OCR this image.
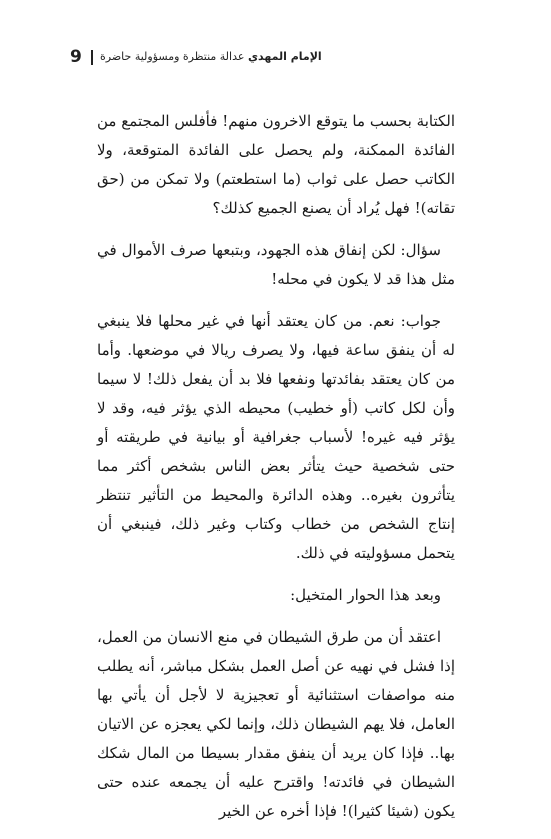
9	الإمام المهدي عدالة منتظرة ومسؤولية حاضرة

الكتابة بحسب ما يتوقع الاخرون منهم! فأفلس المجتمع من الفائدة الممكنة، ولم يحصل على الفائدة المتوقعة، ولا الكاتب حصل على ثواب (ما استطعتم) ولا تمكن من (حق تقاته)! فهل يُراد أن يصنع الجميع كذلك؟

سؤال: لكن إنفاق هذه الجهود، وبتبعها صرف الأموال في مثل هذا قد لا يكون في محله!

جواب: نعم. من كان يعتقد أنها في غير محلها فلا ينبغي له أن ينفق ساعة فيها، ولا يصرف ريالا في موضعها. وأما من كان يعتقد بفائدتها ونفعها فلا بد أن يفعل ذلك! لا سيما وأن لكل كاتب (أو خطيب) محيطه الذي يؤثر فيه، وقد لا يؤثر فيه غيره! لأسباب جغرافية أو بيانية في طريقته أو حتى شخصية حيث يتأثر بعض الناس بشخص أكثر مما يتأثرون بغيره.. وهذه الدائرة والمحيط من التأثير تنتظر إنتاج الشخص من خطاب وكتاب وغير ذلك، فينبغي أن يتحمل مسؤوليته في ذلك.

وبعد هذا الحوار المتخيل:

اعتقد أن من طرق الشيطان في منع الانسان من العمل، إذا فشل في نهيه عن أصل العمل بشكل مباشر، أنه يطلب منه مواصفات استثنائية أو تعجيزية لا لأجل أن يأتي بها العامل، فلا يهم الشيطان ذلك، وإنما لكي يعجزه عن الاتيان بها.. فإذا كان يريد أن ينفق مقدار بسيطا من المال شكك الشيطان في فائدته! واقترح عليه أن يجمعه عنده حتى يكون (شيئا كثيرا)! فإذا أخره عن الخير
